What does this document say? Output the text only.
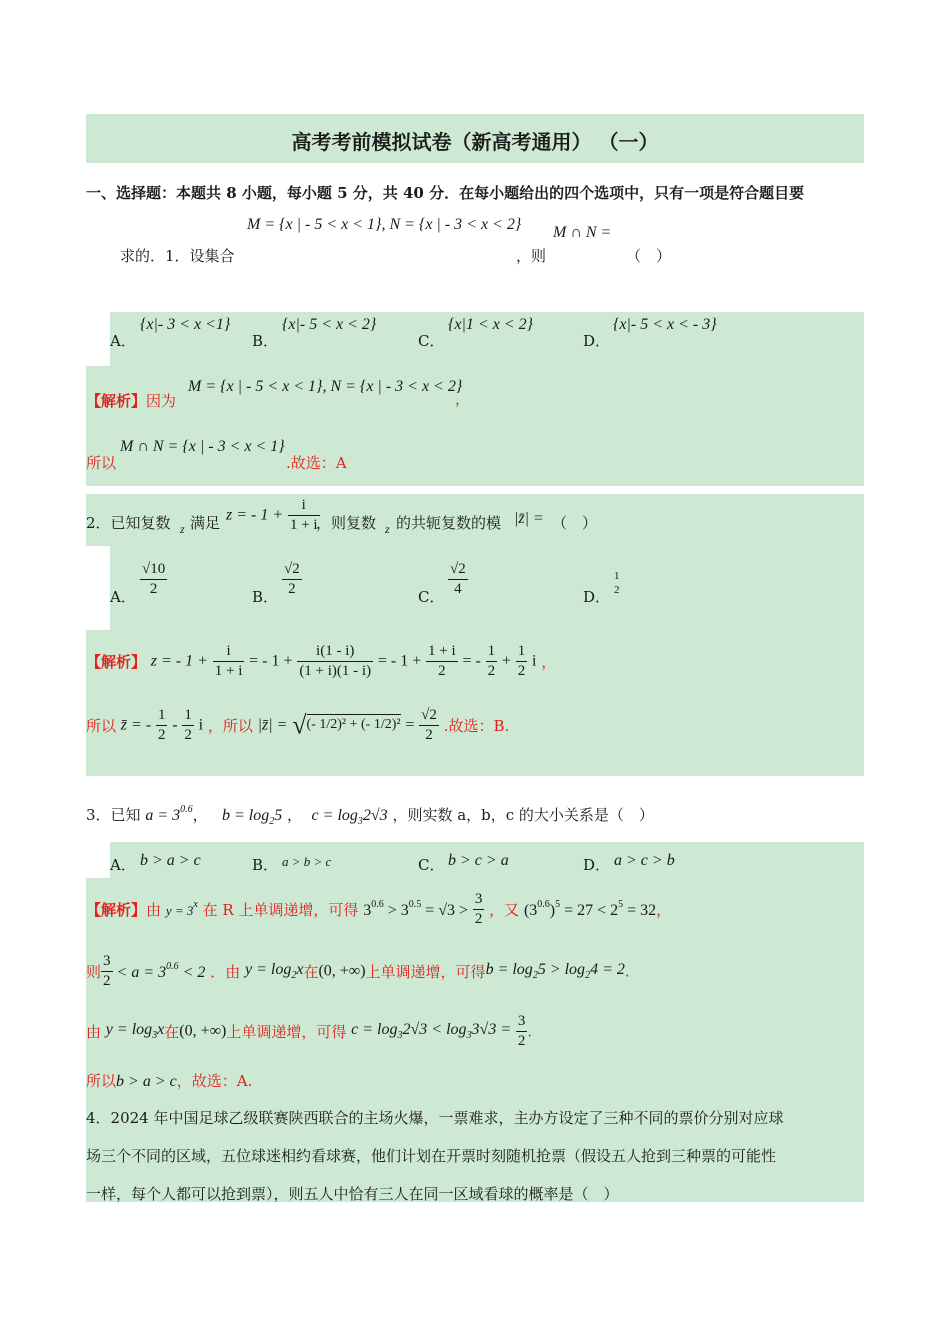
高考考前模拟试卷（新高考通用） （一）
一、选择题：本题共 8 小题，每小题 5 分，共 40 分．在每小题给出的四个选项中，只有一项是符合题目要
M = {x | - 5 < x < 1}, N = {x | - 3 < x < 2}
求的．1．设集合	，则
M ∩ N =
（　）
A．
{x|- 3 < x <1}
B．
{x|- 5 < x < 2}
C．
{x|1 < x < 2}
D．
{x|- 5 < x < - 3}
【解析】因为
M = {x | - 5 < x < 1}, N = {x | - 3 < x < 2}
，
所以
M ∩ N = {x | - 3 < x < 1}
.故选：A
2．已知复数 z 满足 z = - $1 + \frac{i}{1 + i}$
，则复数 z 的共轭复数的模 |z̄| = （　）
A． $\frac{√10}{2}$	B． $\frac{√2}{2}$	C． $\frac{√2}{4}$	D．
1
2
【解析】 z = - $1 + \frac{i}{1 + i}$ = - $1 + \frac{i(1 - i)}{(1 + i)(1 - i)}$ = - $1 + \frac{1 + i}{2}$ = - $\frac{1}{2} + \frac{1}{2}$ i ，
所以 z̄ = - $\frac{1}{2} - \frac{1}{2}$ i ，所以 |z̄| = √(- 1/2)² + (- $1/2)^2 = \frac{√2}{2}$ .故选：B.
3．已知 $a = 3^{0.6}$， $b = \log_25$ ， $c = \log_32√3$ ，则实数 a，b，c 的大小关系是（　）
A． b > a > c	B． a > b > c	C． b > c > a	D． a > c > b
【解析】由 $y = 3^x$ 在 R 上单调递增，可得 $3^{0.6} > 3^{0.5} = √3 > \frac{3}{2}$ ，又 $(3^{0.6})^5 = 27 < 2^5 = 32$，
则 $\frac{3}{2} < a = 3^{0.6} < 2$ ．由 $y = \log_2x$在(0, +∞)上单调递增，可得$b = \log_25 > \log_24 = 2$.
由 $y = \log_3x$在(0, +∞)上单调递增，可得 $c = \log_32√3 < \log_33√3 = \frac{3}{2}$ .
所以b > a > c，故选：A.
4．2024 年中国足球乙级联赛陕西联合的主场火爆，一票难求，主办方设定了三种不同的票价分别对应球
场三个不同的区域，五位球迷相约看球赛，他们计划在开票时刻随机抢票（假设五人抢到三种票的可能性
一样，每个人都可以抢到票），则五人中恰有三人在同一区域看球的概率是（　）
